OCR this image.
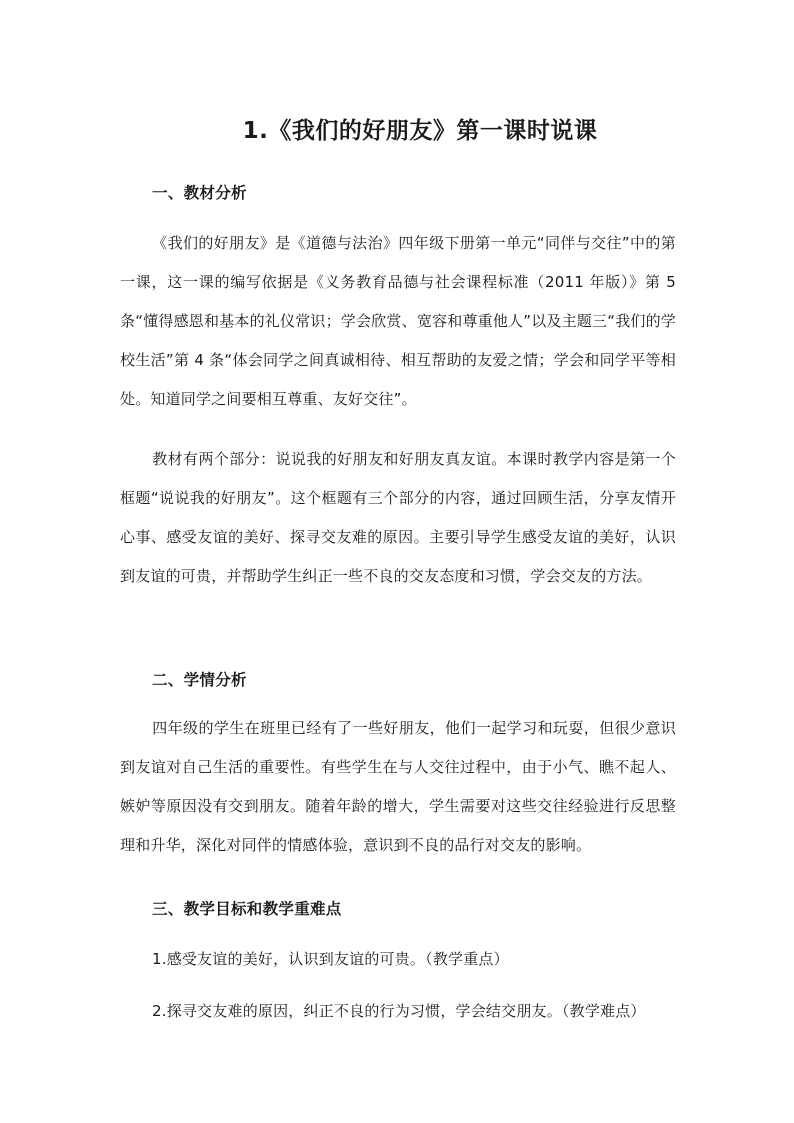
1.《我们的好朋友》第一课时说课
一、教材分析
《我们的好朋友》是《道德与法治》四年级下册第一单元“同伴与交往”中的第一课，这一课的编写依据是《义务教育品德与社会课程标准（2011 年版）》第 5 条“懂得感恩和基本的礼仪常识；学会欣赏、宽容和尊重他人”以及主题三“我们的学校生活”第 4 条“体会同学之间真诚相待、相互帮助的友爱之情；学会和同学平等相处。知道同学之间要相互尊重、友好交往”。
教材有两个部分：说说我的好朋友和好朋友真友谊。本课时教学内容是第一个框题“说说我的好朋友”。这个框题有三个部分的内容，通过回顾生活，分享友情开心事、感受友谊的美好、探寻交友难的原因。主要引导学生感受友谊的美好，认识到友谊的可贵，并帮助学生纠正一些不良的交友态度和习惯，学会交友的方法。
二、学情分析
四年级的学生在班里已经有了一些好朋友，他们一起学习和玩耍，但很少意识到友谊对自己生活的重要性。有些学生在与人交往过程中，由于小气、瞧不起人、嫉妒等原因没有交到朋友。随着年龄的增大，学生需要对这些交往经验进行反思整理和升华，深化对同伴的情感体验，意识到不良的品行对交友的影响。
三、教学目标和教学重难点
1.感受友谊的美好，认识到友谊的可贵。（教学重点）
2.探寻交友难的原因，纠正不良的行为习惯，学会结交朋友。（教学难点）
